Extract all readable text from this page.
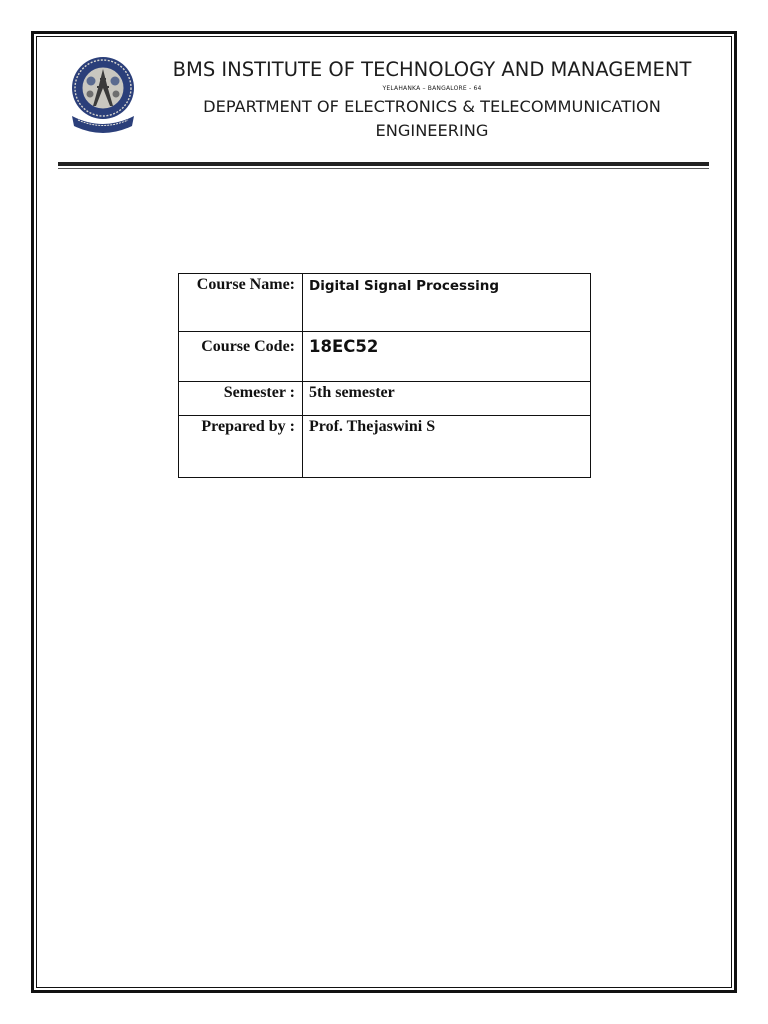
BMS INSTITUTE OF TECHNOLOGY AND MANAGEMENT
YELAHANKA – BANGALORE - 64
DEPARTMENT OF ELECTRONICS & TELECOMMUNICATION
ENGINEERING
Course Name:	Digital Signal Processing
Course Code:	18EC52
Semester :	5th semester
Prepared by :	Prof. Thejaswini S
